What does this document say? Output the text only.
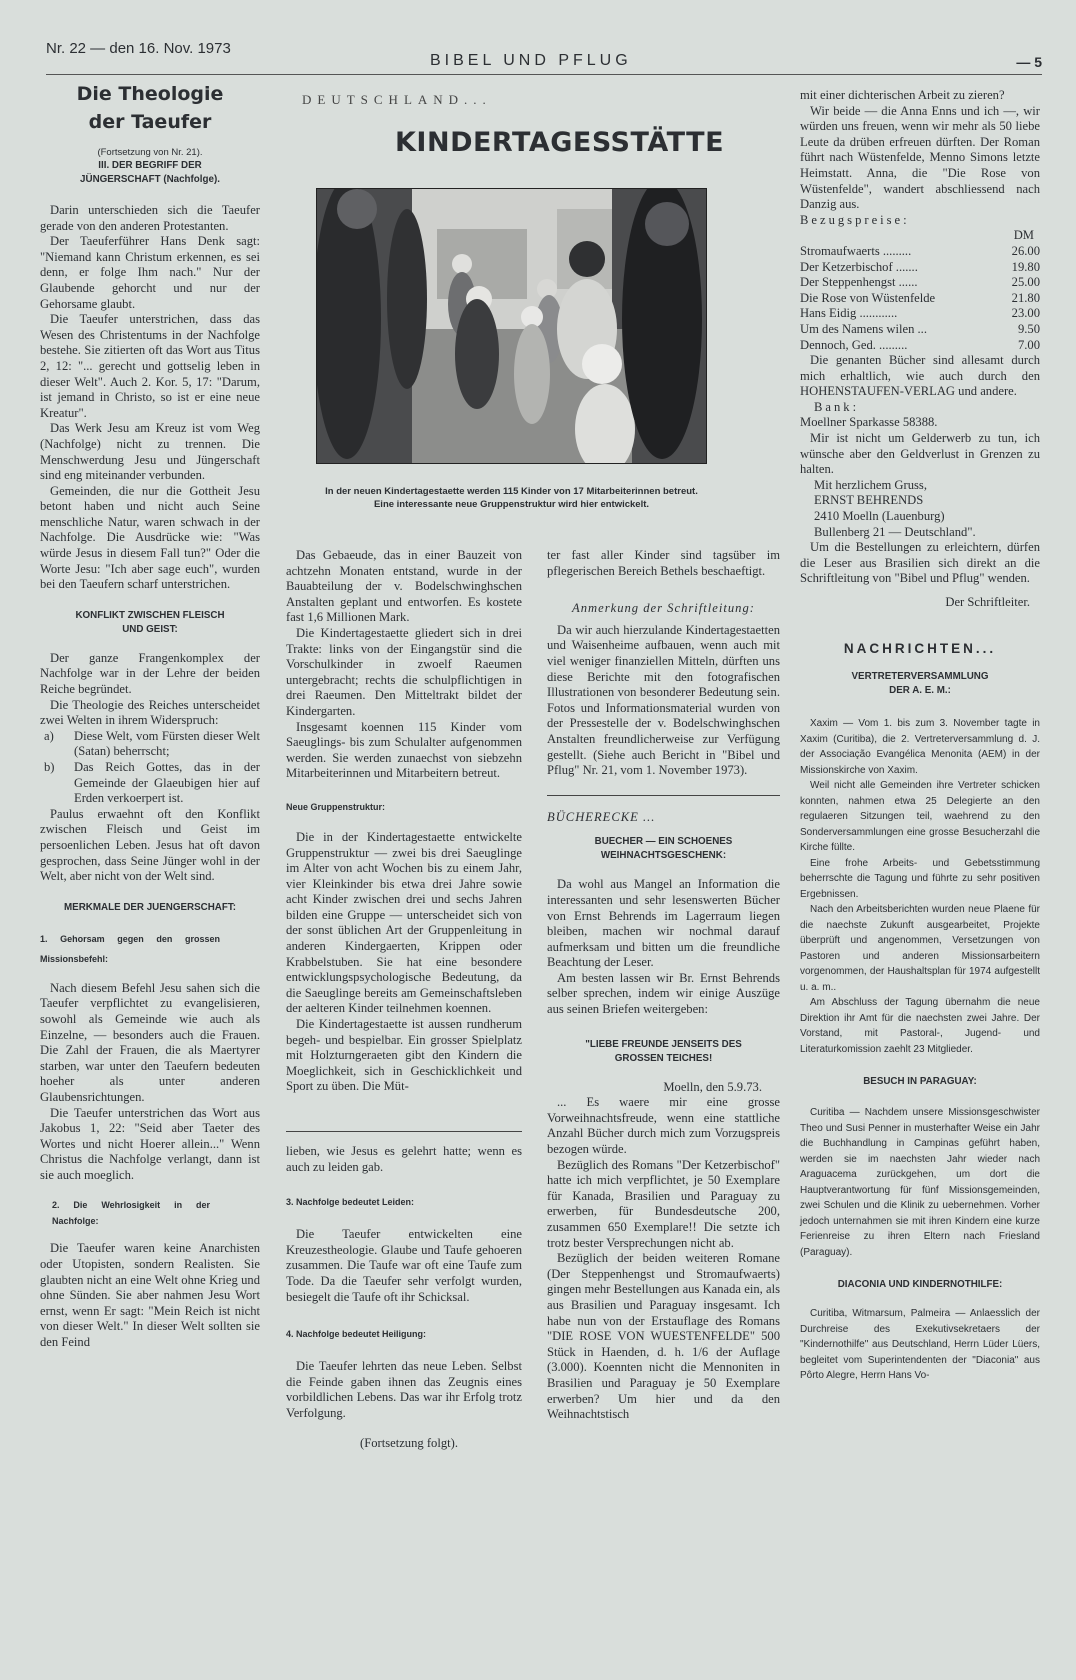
Nr. 22 — den 16. Nov. 1973
BIBEL UND PFLUG	— 5
Die Theologie der Taeufer
(Fortsetzung von Nr. 21).
III. DER BEGRIFF DER JÜNGERSCHAFT (Nachfolge).

Darin unterschieden sich die Taeufer gerade von den anderen Protestanten.

Der Taeuferführer Hans Denk sagt: "Niemand kann Christum erkennen, es sei denn, er folge Ihm nach." Nur der Glaubende gehorcht und nur der Gehorsame glaubt.

Die Taeufer unterstrichen, dass das Wesen des Christentums in der Nachfolge bestehe. Sie zitierten oft das Wort aus Titus 2, 12: "... gerecht und gottselig leben in dieser Welt". Auch 2. Kor. 5, 17: "Darum, ist jemand in Christo, so ist er eine neue Kreatur".

Das Werk Jesu am Kreuz ist vom Weg (Nachfolge) nicht zu trennen. Die Menschwerdung Jesu und Jüngerschaft sind eng miteinander verbunden.

Gemeinden, die nur die Gottheit Jesu betont haben und nicht auch Seine menschliche Natur, waren schwach in der Nachfolge. Die Ausdrücke wie: "Was würde Jesus in diesem Fall tun?" Oder die Worte Jesu: "Ich aber sage euch", wurden bei den Taeufern scharf unterstrichen.

KONFLIKT ZWISCHEN FLEISCH UND GEIST:

Der ganze Frangenkomplex der Nachfolge war in der Lehre der beiden Reiche begründet.

Die Theologie des Reiches unterscheidet zwei Welten in ihrem Widerspruch:

a)	Diese Welt, vom Fürsten dieser Welt (Satan) beherrscht;
b)	Das Reich Gottes, das in der Gemeinde der Glaeubigen hier auf Erden verkoerpert ist.

Paulus erwaehnt oft den Konflikt zwischen Fleisch und Geist im persoenlichen Leben. Jesus hat oft davon gesprochen, dass Seine Jünger wohl in der Welt, aber nicht von der Welt sind.

MERKMALE DER JUENGERSCHAFT:
1. Gehorsam gegen den grossen Missionsbefehl:

Nach diesem Befehl Jesu sahen sich die Taeufer verpflichtet zu evangelisieren, sowohl als Gemeinde wie auch als Einzelne, — besonders auch die Frauen. Die Zahl der Frauen, die als Maertyrer starben, war unter den Taeufern bedeuten hoeher als unter anderen Glaubensrichtungen.

Die Taeufer unterstrichen das Wort aus Jakobus 1, 22: "Seid aber Taeter des Wortes und nicht Hoerer allein..." Wenn Christus die Nachfolge verlangt, dann ist sie auch moeglich.

2. Die Wehrlosigkeit in der Nachfolge:

Die Taeufer waren keine Anarchisten oder Utopisten, sondern Realisten. Sie glaubten nicht an eine Welt ohne Krieg und ohne Sünden. Sie aber nahmen Jesu Wort ernst, wenn Er sagt: "Mein Reich ist nicht von dieser Welt." In dieser Welt sollten sie den Feind

DEUTSCHLAND...
KINDERTAGESSTÄTTE
In der neuen Kindertagestaette werden 115 Kinder von 17 Mitarbeiterinnen betreut. Eine interessante neue Gruppenstruktur wird hier entwickelt.

Das Gebaeude, das in einer Bauzeit von achtzehn Monaten entstand, wurde in der Bauabteilung der v. Bodelschwinghschen Anstalten geplant und entworfen. Es kostete fast 1,6 Millionen Mark.

Die Kindertagestaette gliedert sich in drei Trakte: links von der Eingangstür sind die Vorschulkinder in zwoelf Raeumen untergebracht; rechts die schulpflichtigen in drei Raeumen. Den Mitteltrakt bildet der Kindergarten.

Insgesamt koennen 115 Kinder vom Saeuglings- bis zum Schulalter aufgenommen werden. Sie werden zunaechst von siebzehn Mitarbeiterinnen und Mitarbeitern betreut.

Neue Gruppenstruktur:

Die in der Kindertagestaette entwickelte Gruppenstruktur — zwei bis drei Saeuglinge im Alter von acht Wochen bis zu einem Jahr, vier Kleinkinder bis etwa drei Jahre sowie acht Kinder zwischen drei und sechs Jahren bilden eine Gruppe — unterscheidet sich von der sonst üblichen Art der Gruppenleitung in anderen Kindergaerten, Krippen oder Krabbelstuben. Sie hat eine besondere entwicklungspsychologische Bedeutung, da die Saeuglinge bereits am Gemeinschaftsleben der aelteren Kinder teilnehmen koennen.

Die Kindertagestaette ist aussen rundherum begeh- und bespielbar. Ein grosser Spielplatz mit Holzturngeraeten gibt den Kindern die Moeglichkeit, sich in Geschicklichkeit und Sport zu üben. Die Müt-

lieben, wie Jesus es gelehrt hatte; wenn es auch zu leiden gab.

3. Nachfolge bedeutet Leiden:

Die Taeufer entwickelten eine Kreuzestheologie. Glaube und Taufe gehoeren zusammen. Die Taufe war oft eine Taufe zum Tode. Da die Taeufer sehr verfolgt wurden, besiegelt die Taufe oft ihr Schicksal.

4. Nachfolge bedeutet Heiligung:

Die Taeufer lehrten das neue Leben. Selbst die Feinde gaben ihnen das Zeugnis eines vorbildlichen Lebens. Das war ihr Erfolg trotz Verfolgung.

(Fortsetzung folgt).

ter fast aller Kinder sind tagsüber im pflegerischen Bereich Bethels beschaeftigt.

Anmerkung der Schriftleitung:

Da wir auch hierzulande Kindertagestaetten und Waisenheime aufbauen, wenn auch mit viel weniger finanziellen Mitteln, dürften uns diese Berichte mit den fotografischen Illustrationen von besonderer Bedeutung sein. Fotos und Informationsmaterial wurden von der Pressestelle der v. Bodelschwinghschen Anstalten freundlicherweise zur Verfügung gestellt. (Siehe auch Bericht in "Bibel und Pflug" Nr. 21, vom 1. November 1973).

BÜCHERECKE ...
BUECHER — EIN SCHOENES WEIHNACHTSGESCHENK:

Da wohl aus Mangel an Information die interessanten und sehr lesenswerten Bücher von Ernst Behrends im Lagerraum liegen bleiben, machen wir nochmal darauf aufmerksam und bitten um die freundliche Beachtung der Leser.

Am besten lassen wir Br. Ernst Behrends selber sprechen, indem wir einige Auszüge aus seinen Briefen weitergeben:

"LIEBE FREUNDE JENSEITS DES GROSSEN TEICHES!
Moelln, den 5.9.73.

... Es waere mir eine grosse Vorweihnachtsfreude, wenn eine stattliche Anzahl Bücher durch mich zum Vorzugspreis bezogen würde.

Bezüglich des Romans "Der Ketzerbischof" hatte ich mich verpflichtet, je 50 Exemplare für Kanada, Brasilien und Paraguay zu erwerben, für Bundesdeutsche 200, zusammen 650 Exemplare!! Die setzte ich trotz bester Versprechungen nicht ab.

Bezüglich der beiden weiteren Romane (Der Steppenhengst und Stromaufwaerts) gingen mehr Bestellungen aus Kanada ein, als aus Brasilien und Paraguay insgesamt. Ich habe nun von der Erstauflage des Romans "DIE ROSE VON WUESTENFELDE" 500 Stück in Haenden, d. h. 1/6 der Auflage (3.000). Koennten nicht die Mennoniten in Brasilien und Paraguay je 50 Exemplare erwerben? Um hier und da den Weihnachtstisch

mit einer dichterischen Arbeit zu zieren?

Wir beide — die Anna Enns und ich —, wir würden uns freuen, wenn wir mehr als 50 liebe Leute da drüben erfreuen dürften. Der Roman führt nach Wüstenfelde, Menno Simons letzte Heimstatt. Anna, die "Die Rose von Wüstenfelde", wandert abschliessend nach Danzig aus.

Bezugspreise:
DM
Stromaufwaerts .........	26.00
Der Ketzerbischof .......	19.80
Der Steppenhengst ......	25.00
Die Rose von Wüstenfelde	21.80
Hans Eidig ............	23.00
Um des Namens wilen ...	9.50
Dennoch, Ged. .........	7.00

Die genanten Bücher sind allesamt durch mich erhaltlich, wie auch durch den HOHENSTAUFEN-VERLAG und andere.

Bank:
Moellner Sparkasse 58388.

Mir ist nicht um Gelderwerb zu tun, ich wünsche aber den Geldverlust in Grenzen zu halten.

Mit herzlichem Gruss,
ERNST BEHRENDS
2410 Moelln (Lauenburg)
Bullenberg 21 — Deutschland".

Um die Bestellungen zu erleichtern, dürfen die Leser aus Brasilien sich direkt an die Schriftleitung von "Bibel und Pflug" wenden.

Der Schriftleiter.

NACHRICHTEN...
VERTRETERVERSAMMLUNG DER A. E. M.:

Xaxim — Vom 1. bis zum 3. November tagte in Xaxim (Curitiba), die 2. Vertreterversammlung d. J. der Associação Evangélica Menonita (AEM) in der Missionskirche von Xaxim.

Weil nicht alle Gemeinden ihre Vertreter schicken konnten, nahmen etwa 25 Delegierte an den regulaeren Sitzungen teil, waehrend zu den Sonderversammlungen eine grosse Besucherzahl die Kirche füllte.

Eine frohe Arbeits- und Gebetsstimmung beherrschte die Tagung und führte zu sehr positiven Ergebnissen.

Nach den Arbeitsberichten wurden neue Plaene für die naechste Zukunft ausgearbeitet, Projekte überprüft und angenommen, Versetzungen von Pastoren und anderen Missionsarbeitern vorgenommen, der Haushaltsplan für 1974 aufgestellt u. a. m..

Am Abschluss der Tagung übernahm die neue Direktion ihr Amt für die naechsten zwei Jahre. Der Vorstand, mit Pastoral-, Jugend- und Literaturkomission zaehlt 23 Mitglieder.

BESUCH IN PARAGUAY:

Curitiba — Nachdem unsere Missionsgeschwister Theo und Susi Penner in musterhafter Weise ein Jahr die Buchhandlung in Campinas geführt haben, werden sie im naechsten Jahr wieder nach Araguacema zurückgehen, um dort die Hauptverantwortung für fünf Missionsgemeinden, zwei Schulen und die Klinik zu uebernehmen. Vorher jedoch unternahmen sie mit ihren Kindern eine kurze Ferienreise zu ihren Eltern nach Friesland (Paraguay).

DIACONIA UND KINDERNOTHILFE:

Curitiba, Witmarsum, Palmeira — Anlaesslich der Durchreise des Exekutivsekretaers der "Kindernothilfe" aus Deutschland, Herrn Lüder Lüers, begleitet vom Superintendenten der "Diaconia" aus Pôrto Alegre, Herrn Hans Vo-
